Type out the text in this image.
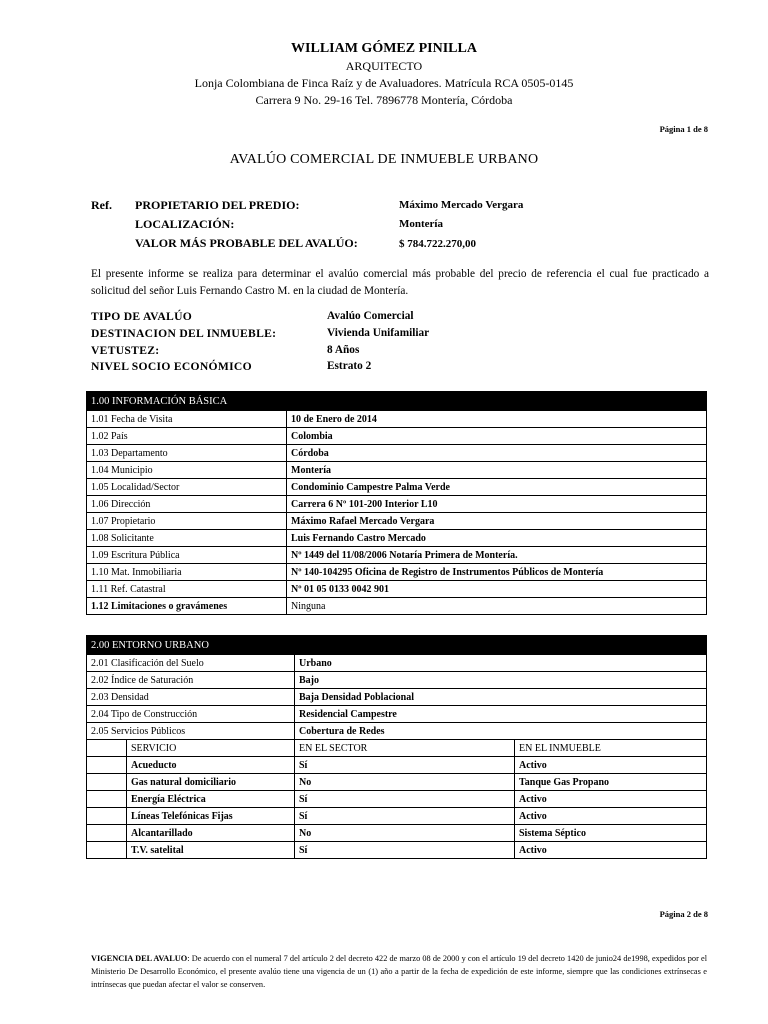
WILLIAM GÓMEZ PINILLA
ARQUITECTO
Lonja Colombiana de Finca Raíz y de Avaluadores. Matrícula RCA 0505-0145
Carrera 9 No. 29-16 Tel. 7896778 Montería, Córdoba
Página 1 de 8
AVALÚO COMERCIAL DE INMUEBLE URBANO
Ref. PROPIETARIO DEL PREDIO:	Máximo Mercado Vergara
LOCALIZACIÓN:	Montería
VALOR MÁS PROBABLE DEL AVALÚO:	$ 784.722.270,00
El presente informe se realiza para determinar el avalúo comercial más probable del precio de referencia el cual fue practicado a solicitud del señor Luis Fernando Castro M. en la ciudad de Montería.
TIPO DE AVALÚO	Avalúo Comercial
DESTINACION DEL INMUEBLE:	Vivienda Unifamiliar
VETUSTEZ:	8 Años
NIVEL SOCIO ECONÓMICO	Estrato 2
1.00 INFORMACIÓN BÁSICA	
1.01 Fecha de Visita	10 de Enero de 2014
1.02 País	Colombia
1.03 Departamento	Córdoba
1.04 Municipio	Montería
1.05 Localidad/Sector	Condominio Campestre Palma Verde
1.06 Dirección	Carrera 6 Nº 101-200 Interior L10
1.07 Propietario	Máximo Rafael Mercado Vergara
1.08 Solicitante	Luis Fernando Castro Mercado
1.09 Escritura Pública	Nº 1449 del 11/08/2006 Notaría Primera de Montería.
1.10 Mat. Inmobiliaria	Nº 140-104295 Oficina de Registro de Instrumentos Públicos de Montería
1.11 Ref. Catastral	Nº 01 05 0133 0042 901
1.12 Limitaciones o gravámenes	Ninguna
2.00 ENTORNO URBANO			
2.01 Clasificación del Suelo		Urbano	
2.02 Índice de Saturación		Bajo	
2.03 Densidad		Baja Densidad Poblacional	
2.04 Tipo de Construcción		Residencial Campestre	
2.05 Servicios Públicos		Cobertura de Redes	
	SERVICIO	EN EL SECTOR	EN EL INMUEBLE
	Acueducto	Sí	Activo
	Gas natural domiciliario	No	Tanque Gas Propano
	Energía Eléctrica	Sí	Activo
	Líneas Telefónicas Fijas	Sí	Activo
	Alcantarillado	No	Sistema Séptico
	T.V. satelital	Sí	Activo
Página 2 de 8
VIGENCIA DEL AVALUO: De acuerdo con el numeral 7 del artículo 2 del decreto 422 de marzo 08 de 2000 y con el artículo 19 del decreto 1420 de junio24 de1998, expedidos por el Ministerio De Desarrollo Económico, el presente avalúo tiene una vigencia de un (1) año a partir de la fecha de expedición de este informe, siempre que las condiciones extrínsecas e intrínsecas que puedan afectar el valor se conserven.
